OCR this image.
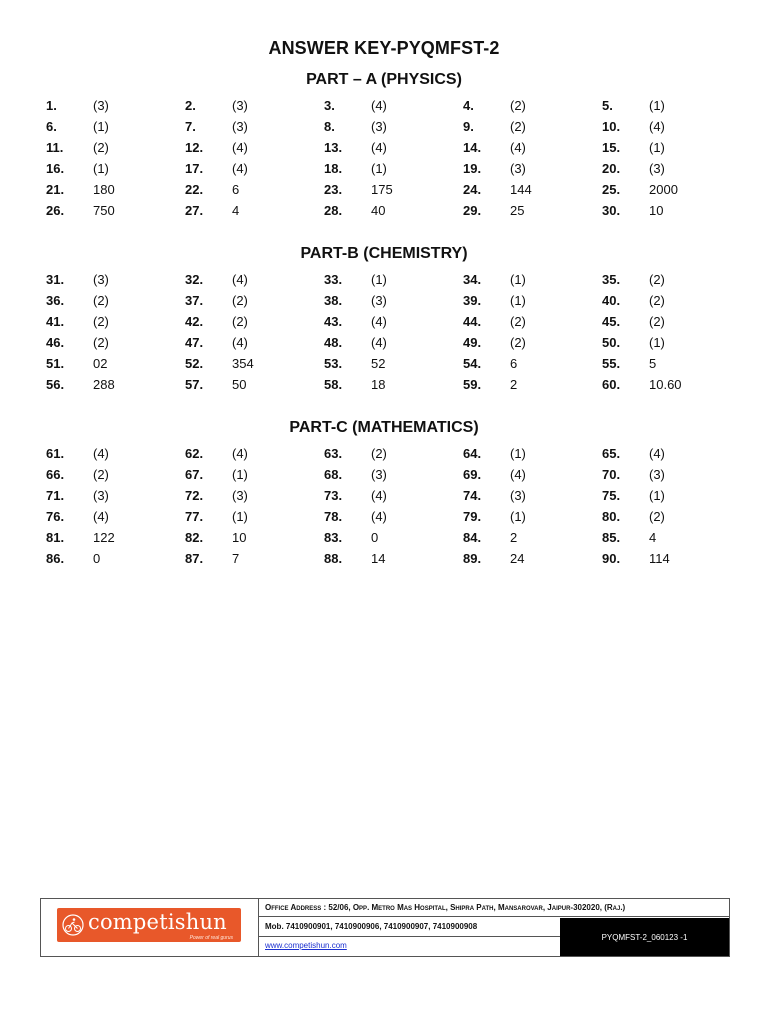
ANSWER KEY-PYQMFST-2
PART – A (PHYSICS)
1.	(3)	2.	(3)	3.	(4)	4.	(2)	5.	(1)
6.	(1)	7.	(3)	8.	(3)	9.	(2)	10.	(4)
11.	(2)	12.	(4)	13.	(4)	14.	(4)	15.	(1)
16.	(1)	17.	(4)	18.	(1)	19.	(3)	20.	(3)
21.	180	22.	6	23.	175	24.	144	25.	2000
26.	750	27.	4	28.	40	29.	25	30.	10
PART-B (CHEMISTRY)
31.	(3)	32.	(4)	33.	(1)	34.	(1)	35.	(2)
36.	(2)	37.	(2)	38.	(3)	39.	(1)	40.	(2)
41.	(2)	42.	(2)	43.	(4)	44.	(2)	45.	(2)
46.	(2)	47.	(4)	48.	(4)	49.	(2)	50.	(1)
51.	02	52.	354	53.	52	54.	6	55.	5
56.	288	57.	50	58.	18	59.	2	60.	10.60
PART-C (MATHEMATICS)
61.	(4)	62.	(4)	63.	(2)	64.	(1)	65.	(4)
66.	(2)	67.	(1)	68.	(3)	69.	(4)	70.	(3)
71.	(3)	72.	(3)	73.	(4)	74.	(3)	75.	(1)
76.	(4)	77.	(1)	78.	(4)	79.	(1)	80.	(2)
81.	122	82.	10	83.	0	84.	2	85.	4
86.	0	87.	7	88.	14	89.	24	90.	114
competishun
Power of real gurus
Office Address : 52/06, Opp. Metro Mas Hospital, Shipra Path, Mansarovar, Jaipur-302020, (Raj.)
Mob. 7410900901, 7410900906, 7410900907, 7410900908
www.competishun.com
PYQMFST-2_060123 -1
